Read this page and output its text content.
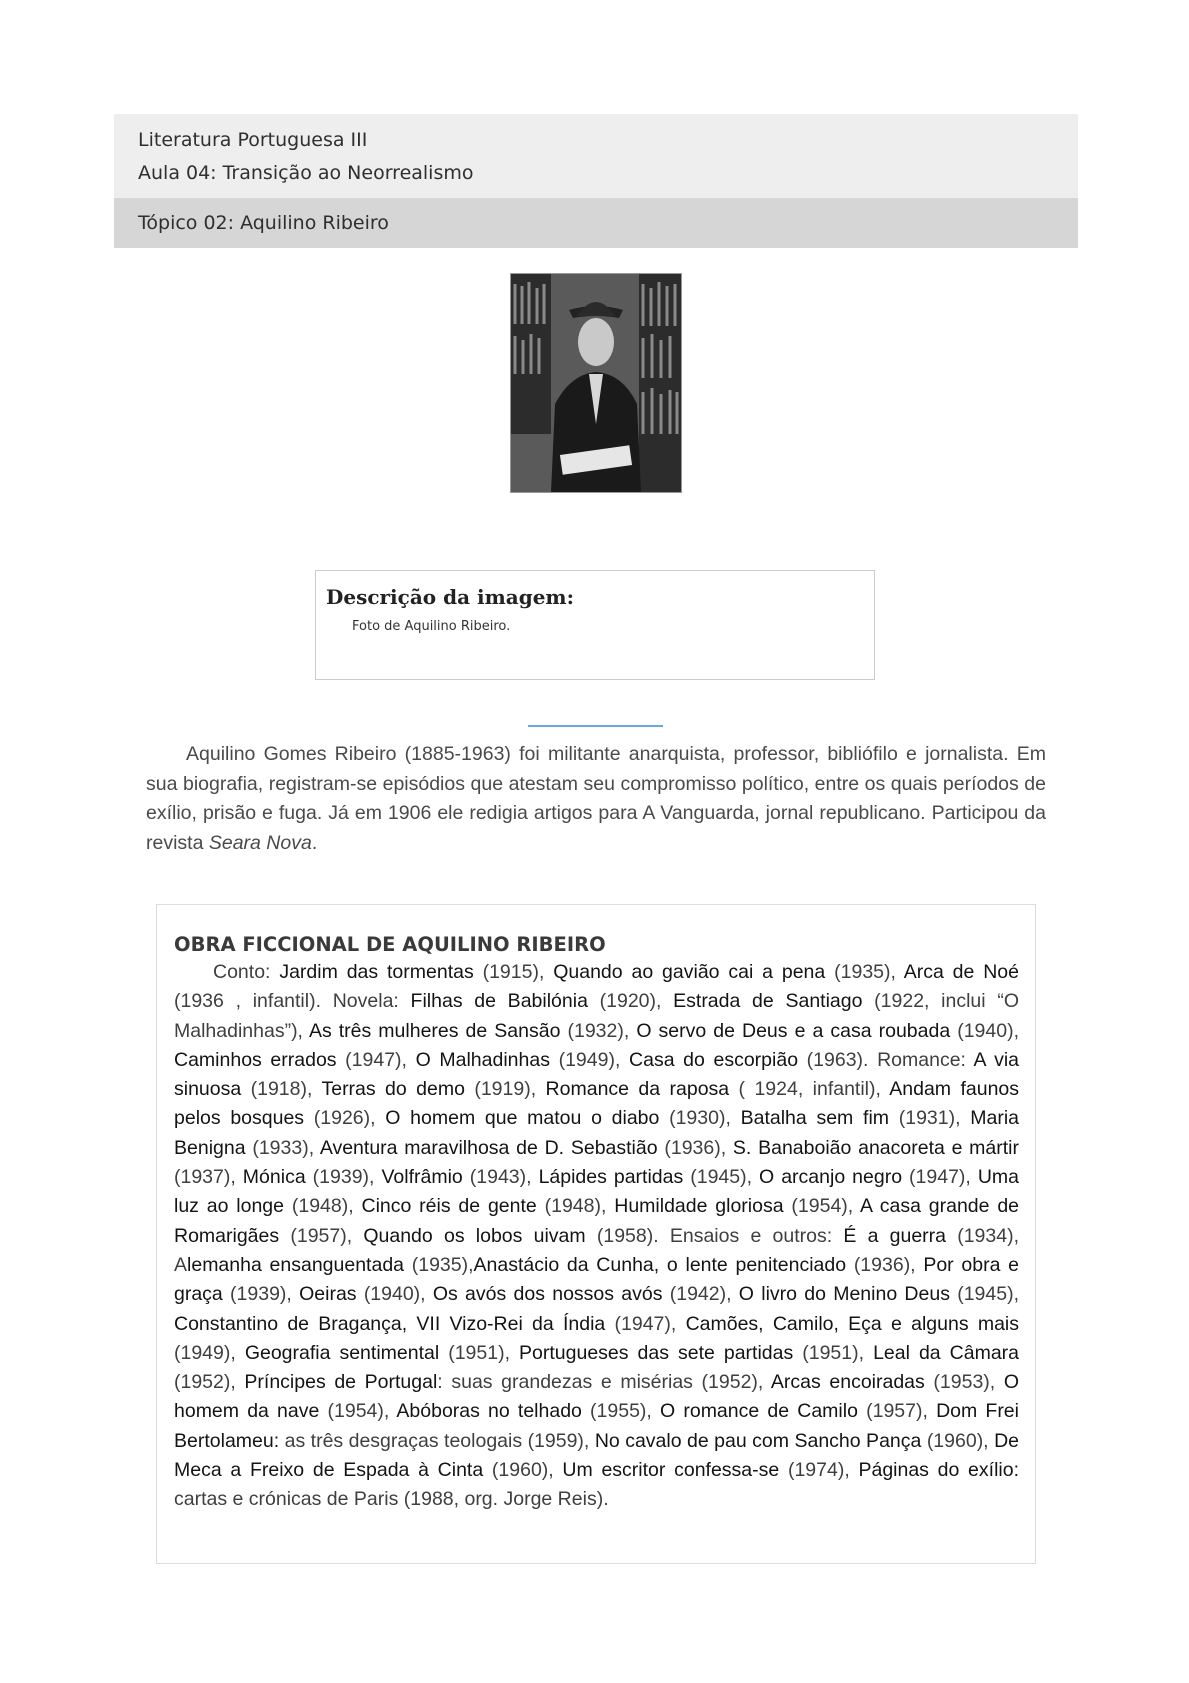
Literatura Portuguesa III
Aula 04: Transição ao Neorrealismo
Tópico 02: Aquilino Ribeiro

Descrição da imagem:

Foto de Aquilino Ribeiro.

Aquilino Gomes Ribeiro (1885-1963) foi militante anarquista, professor, bibliófilo e jornalista. Em sua biografia, registram-se episódios que atestam seu compromisso político, entre os quais períodos de exílio, prisão e fuga. Já em 1906 ele redigia artigos para A Vanguarda, jornal republicano. Participou da revista Seara Nova.

OBRA FICCIONAL DE AQUILINO RIBEIRO

Conto: Jardim das tormentas (1915), Quando ao gavião cai a pena (1935), Arca de Noé (1936 , infantil). Novela: Filhas de Babilónia (1920), Estrada de Santiago (1922, inclui “O Malhadinhas”), As três mulheres de Sansão (1932), O servo de Deus e a casa roubada (1940), Caminhos errados (1947), O Malhadinhas (1949), Casa do escorpião (1963). Romance: A via sinuosa (1918), Terras do demo (1919), Romance da raposa ( 1924, infantil), Andam faunos pelos bosques (1926), O homem que matou o diabo (1930), Batalha sem fim (1931), Maria Benigna (1933), Aventura maravilhosa de D. Sebastião (1936), S. Banaboião anacoreta e mártir (1937), Mónica (1939), Volfrâmio (1943), Lápides partidas (1945), O arcanjo negro (1947), Uma luz ao longe (1948), Cinco réis de gente (1948), Humildade gloriosa (1954), A casa grande de Romarigães (1957), Quando os lobos uivam (1958). Ensaios e outros: É a guerra (1934), Alemanha ensanguentada (1935),Anastácio da Cunha, o lente penitenciado (1936), Por obra e graça (1939), Oeiras (1940), Os avós dos nossos avós (1942), O livro do Menino Deus (1945), Constantino de Bragança, VII Vizo-Rei da Índia (1947), Camões, Camilo, Eça e alguns mais (1949), Geografia sentimental (1951), Portugueses das sete partidas (1951), Leal da Câmara (1952), Príncipes de Portugal: suas grandezas e misérias (1952), Arcas encoiradas (1953), O homem da nave (1954), Abóboras no telhado (1955), O romance de Camilo (1957), Dom Frei Bertolameu: as três desgraças teologais (1959), No cavalo de pau com Sancho Pança (1960), De Meca a Freixo de Espada à Cinta (1960), Um escritor confessa-se (1974), Páginas do exílio: cartas e crónicas de Paris (1988, org. Jorge Reis).
